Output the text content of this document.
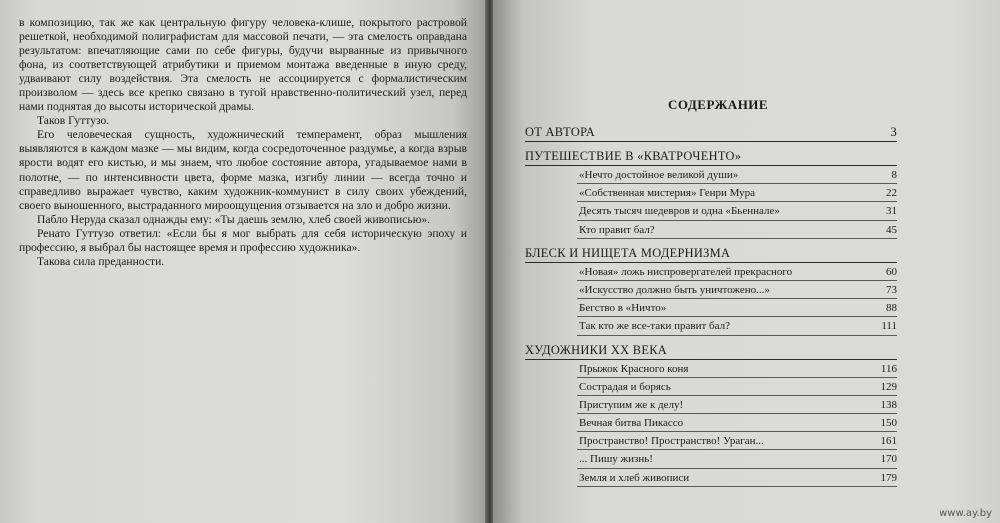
в композицию, так же как центральную фигуру человека-клише, покрытого растровой решеткой, необходимой полиграфистам для массовой печати, — эта смелость оправдана результатом: впечатляющие сами по себе фигуры, будучи вырванные из привычного фона, из соответствующей атрибутики и приемом монтажа введенные в иную среду, удваивают силу воздействия. Эта смелость не ассоциируется с формалистическим произволом — здесь все крепко связано в тугой нравственно-политический узел, перед нами поднятая до высоты исторической драмы.

Таков Гуттузо.

Его человеческая сущность, художнический темперамент, образ мышления выявляются в каждом мазке — мы видим, когда сосредоточенное раздумье, а когда взрыв ярости водят его кистью, и мы знаем, что любое состояние автора, угадываемое нами в полотне, — по интенсивности цвета, форме мазка, изгибу линии — всегда точно и справедливо выражает чувство, каким художник-коммунист в силу своих убеждений, своего выношенного, выстраданного мироощущения отзывается на зло и добро жизни.

Пабло Неруда сказал однажды ему: «Ты даешь землю, хлеб своей живописью».

Ренато Гуттузо ответил: «Если бы я мог выбрать для себя историческую эпоху и профессию, я выбрал бы настоящее время и профессию художника».

Такова сила преданности.

СОДЕРЖАНИЕ
ОТ АВТОРА	3
ПУТЕШЕСТВИЕ В «КВАТРОЧЕНТО»
«Нечто достойное великой души»	8
«Собственная мистерия» Генри Мура	22
Десять тысяч шедевров и одна «Бьеннале»	31
Кто правит бал?	45
БЛЕСК И НИЩЕТА МОДЕРНИЗМА
«Новая» ложь ниспровергателей прекрасного	60
«Искусство должно быть уничтожено...»	73
Бегство в «Ничто»	88
Так кто же все-таки правит бал?	111
ХУДОЖНИКИ XX ВЕКА
Прыжок Красного коня	116
Сострадая и борясь	129
Приступим же к делу!	138
Вечная битва Пикассо	150
Пространство! Пространство! Ураган...	161
... Пишу жизнь!	170
Земля и хлеб живописи	179
www.ay.by
